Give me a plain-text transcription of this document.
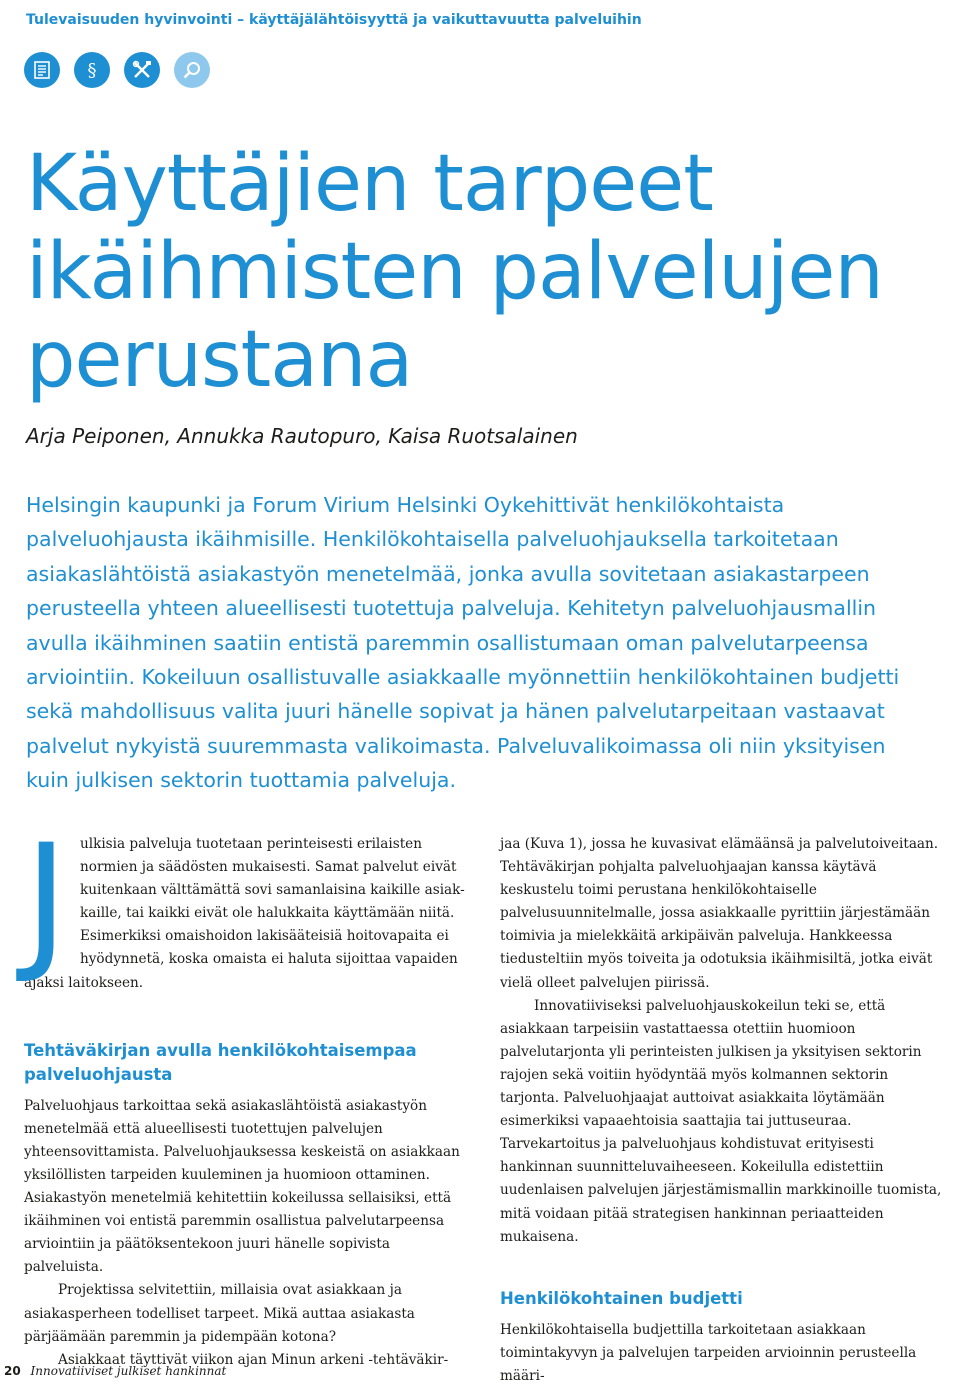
Tulevaisuuden hyvinvointi – käyttäjälähtöisyyttä ja vaikuttavuutta palveluihin
§
Käyttäjien tarpeet
ikäihmisten palvelujen
perustana
Arja Peiponen, Annukka Rautopuro, Kaisa Ruotsalainen

Helsingin kaupunki ja Forum Virium Helsinki Oykehittivät henkilökohtaista palveluohjausta ikäihmisille. Henkilökohtaisella palveluohjauksella tarkoitetaan asiakaslähtöistä asiakastyön menetelmää, jonka avulla sovitetaan asiakastarpeen perusteella yhteen alueellisesti tuotettuja palveluja. Kehitetyn palveluohjausmallin avulla ikäihminen saatiin entistä paremmin osallistumaan oman palvelutarpeensa arviointiin. Kokeiluun osallistuvalle asiakkaalle myönnettiin henkilökohtainen budjetti sekä mahdollisuus valita juuri hänelle sopivat ja hänen palvelutarpeitaan vastaavat palvelut nykyistä suuremmasta valikoimasta. Palveluvalikoimassa oli niin yksityisen kuin julkisen sektorin tuottamia palveluja.

J ulkisia palveluja tuotetaan perinteisesti erilaisten
normien ja säädösten mukaisesti. Samat palvelut eivät
kuitenkaan välttämättä sovi samanlaisina kaikille asiak-
kaille, tai kaikki eivät ole halukkaita käyttämään niitä.
Esimerkiksi omaishoidon lakisääteisiä hoitovapaita ei
hyödynnetä, koska omaista ei haluta sijoittaa vapaiden

ajaksi laitokseen.

Tehtäväkirjan avulla henkilökohtaisempaa palveluohjausta

Palveluohjaus tarkoittaa sekä asiakaslähtöistä asiakastyön menetelmää että alueellisesti tuotettujen palvelujen yhteensovittamista. Palveluohjauksessa keskeistä on asiakkaan yksilöllisten tarpeiden kuuleminen ja huomioon ottaminen. Asiakastyön menetelmiä kehitettiin kokeilussa sellaisiksi, että ikäihminen voi entistä paremmin osallistua palvelutarpeensa arviointiin ja päätöksentekoon juuri hänelle sopivista palveluista.

Projektissa selvitettiin, millaisia ovat asiakkaan ja asiakasperheen todelliset tarpeet. Mikä auttaa asiakasta pärjäämään paremmin ja pidempään kotona?

Asiakkaat täyttivät viikon ajan Minun arkeni -tehtäväkir-

jaa (Kuva 1), jossa he kuvasivat elämäänsä ja palvelutoiveitaan. Tehtäväkirjan pohjalta palveluohjaajan kanssa käytävä keskustelu toimi perustana henkilökohtaiselle palvelusuunnitelmalle, jossa asiakkaalle pyrittiin järjestämään toimivia ja mielekkäitä arkipäivän palveluja. Hankkeessa tiedusteltiin myös toiveita ja odotuksia ikäihmisiltä, jotka eivät vielä olleet palvelujen piirissä.

Innovatiiviseksi palveluohjauskokeilun teki se, että asiakkaan tarpeisiin vastattaessa otettiin huomioon palvelutarjonta yli perinteisten julkisen ja yksityisen sektorin rajojen sekä voitiin hyödyntää myös kolmannen sektorin tarjonta. Palveluohjaajat auttoivat asiakkaita löytämään esimerkiksi vapaaehtoisia saattajia tai juttuseuraa. Tarvekartoitus ja palveluohjaus kohdistuvat erityisesti hankinnan suunnitteluvaiheeseen. Kokeilulla edistettiin uudenlaisen palvelujen järjestämismallin markkinoille tuomista, mitä voidaan pitää strategisen hankinnan periaatteiden mukaisena.

Henkilökohtainen budjetti

Henkilökohtaisella budjettilla tarkoitetaan asiakkaan toimintakyvyn ja palvelujen tarpeiden arvioinnin perusteella määri-

20 Innovatiiviset julkiset hankinnat
